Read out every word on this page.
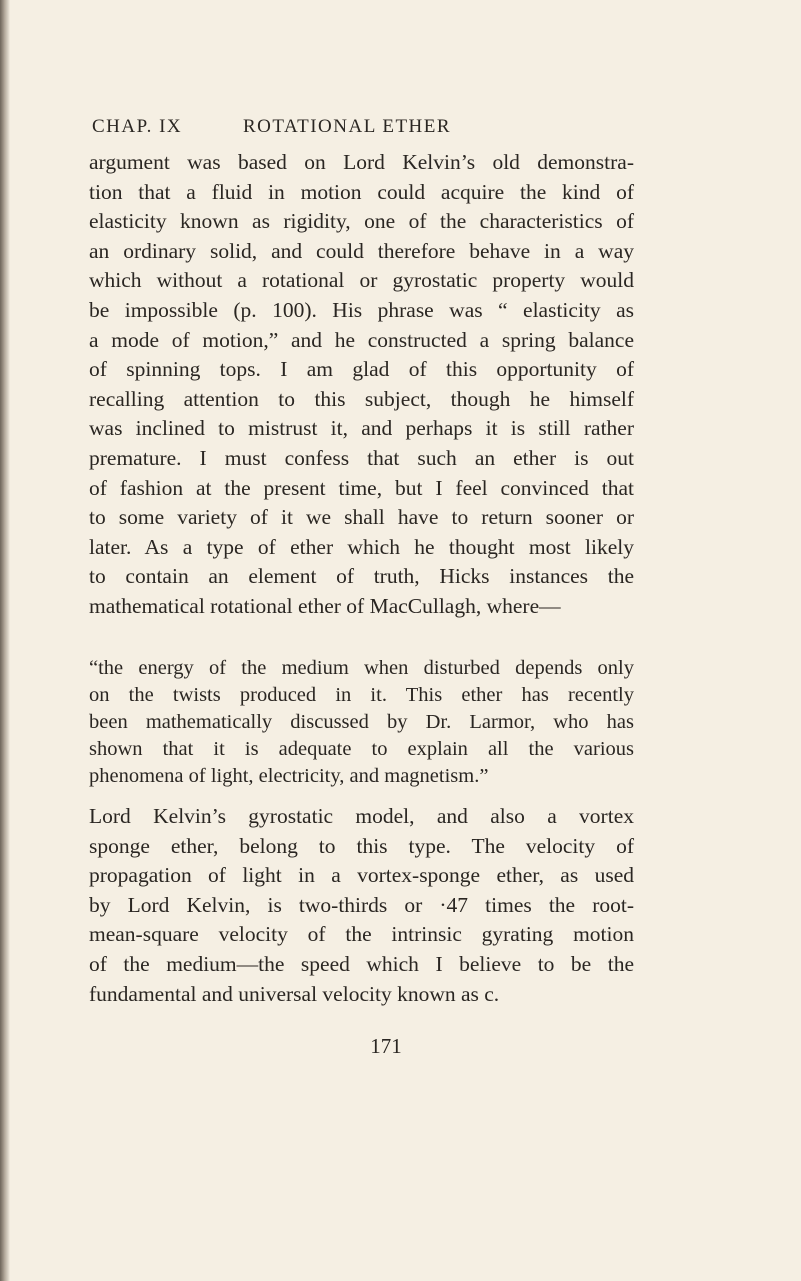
CHAP. IX	ROTATIONAL ETHER
argument was based on Lord Kelvin’s old demonstra-
tion that a fluid in motion could acquire the kind of
elasticity known as rigidity, one of the characteristics of
an ordinary solid, and could therefore behave in a way
which without a rotational or gyrostatic property would
be impossible (p. 100). His phrase was “ elasticity as
a mode of motion,” and he constructed a spring balance
of spinning tops. I am glad of this opportunity of
recalling attention to this subject, though he himself
was inclined to mistrust it, and perhaps it is still rather
premature. I must confess that such an ether is out
of fashion at the present time, but I feel convinced that
to some variety of it we shall have to return sooner or
later. As a type of ether which he thought most likely
to contain an element of truth, Hicks instances the
mathematical rotational ether of MacCullagh, where—
“the energy of the medium when disturbed depends only
on the twists produced in it. This ether has recently
been mathematically discussed by Dr. Larmor, who has
shown that it is adequate to explain all the various
phenomena of light, electricity, and magnetism.”
Lord Kelvin’s gyrostatic model, and also a vortex
sponge ether, belong to this type. The velocity of
propagation of light in a vortex-sponge ether, as used
by Lord Kelvin, is two-thirds or ·47 times the root-
mean-square velocity of the intrinsic gyrating motion
of the medium—the speed which I believe to be the
fundamental and universal velocity known as c.
171
